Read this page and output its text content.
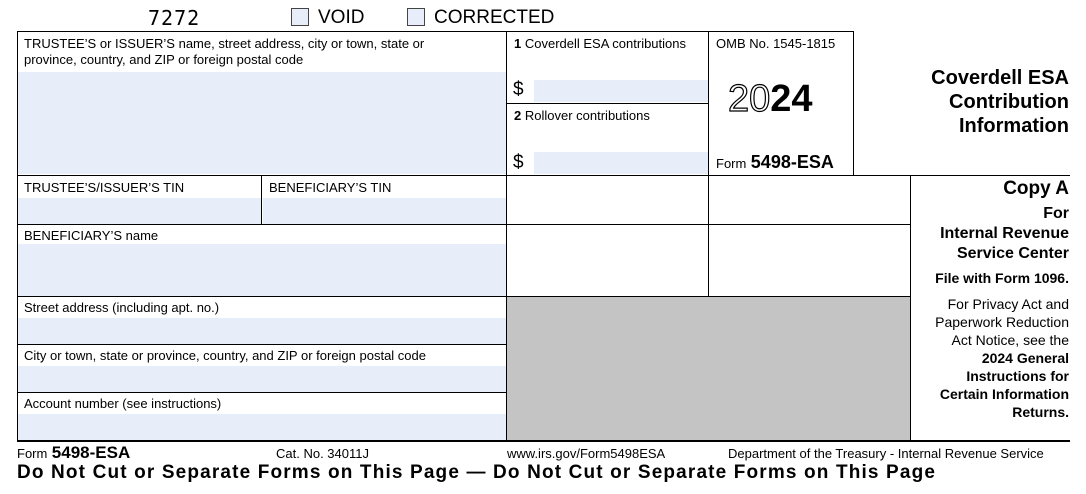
7272	VOID	CORRECTED
TRUSTEE’S or ISSUER’S name, street address, city or town, state or
province, country, and ZIP or foreign postal code
1 Coverdell ESA contributions
$
2 Rollover contributions
$
OMB No. 1545-1815
2024
Form 5498-ESA
TRUSTEE’S/ISSUER’S TIN	BENEFICIARY’S TIN
BENEFICIARY’S name
Street address (including apt. no.)
City or town, state or province, country, and ZIP or foreign postal code
Account number (see instructions)
Coverdell ESA
Contribution
Information
Copy A
For
Internal Revenue
Service Center
File with Form 1096.
For Privacy Act and
Paperwork Reduction
Act Notice, see the
2024 General
Instructions for
Certain Information
Returns.
Form 5498-ESA	Cat. No. 34011J	www.irs.gov/Form5498ESA	Department of the Treasury - Internal Revenue Service
Do Not Cut or Separate Forms on This Page — Do Not Cut or Separate Forms on This Page
